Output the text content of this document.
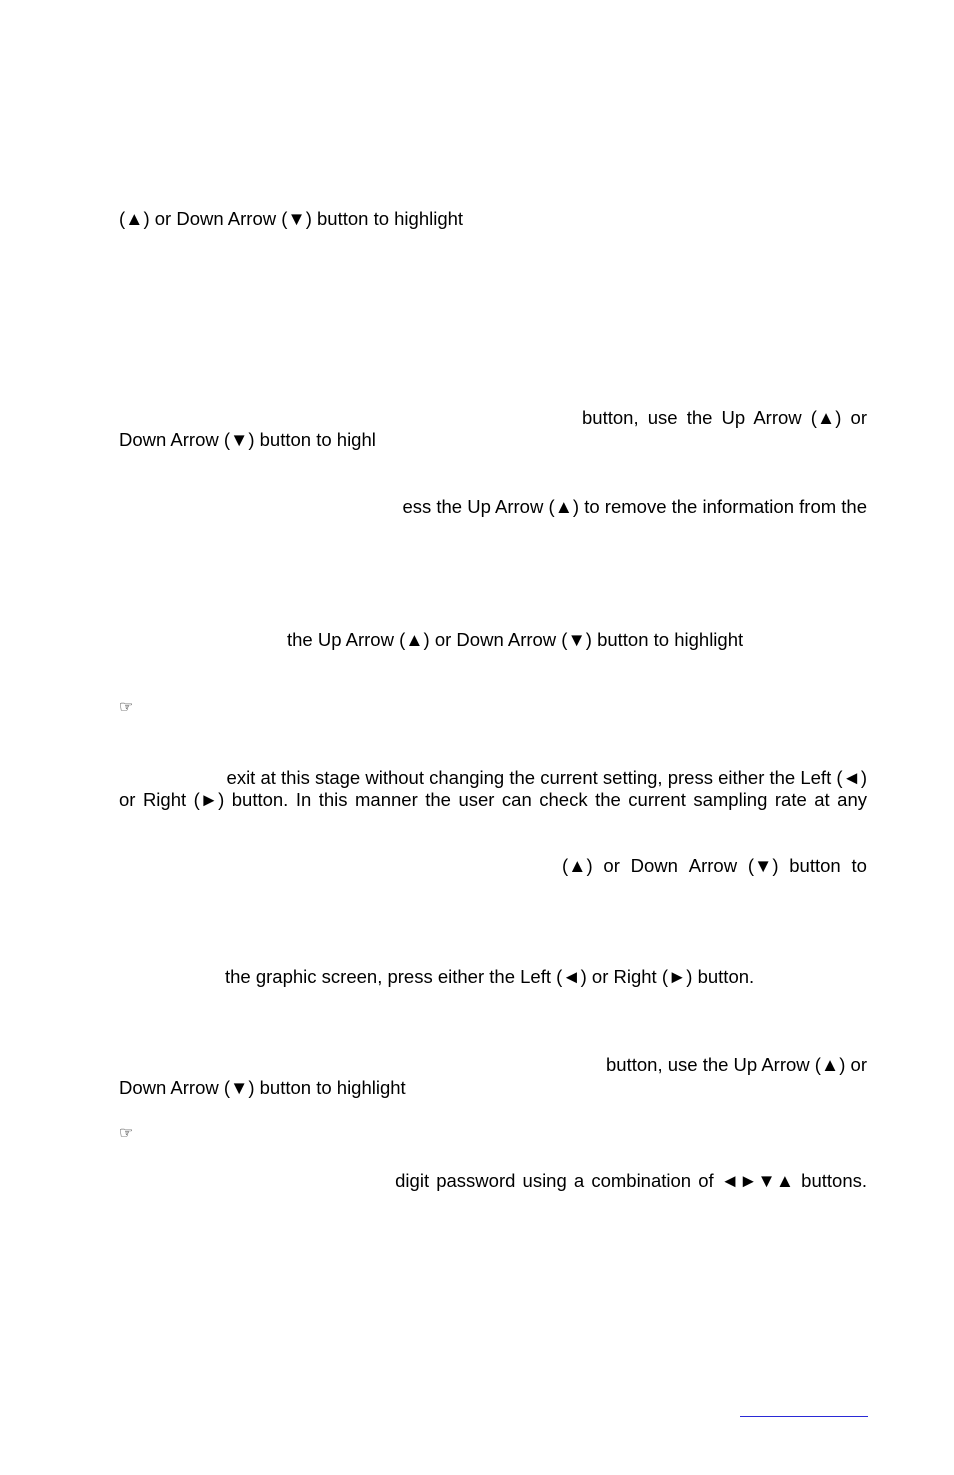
(▲) or Down Arrow (▼) button to highlight

button, use the Up Arrow (▲) or

Down Arrow (▼) button to highl

ess the Up Arrow (▲) to remove the information from the

the Up Arrow (▲) or Down Arrow (▼) button to highlight

☞

exit at this stage without changing the current setting, press either the Left (◄)

or Right (►) button. In this manner the user can check the current sampling rate at any

(▲) or Down Arrow (▼) button to

the graphic screen, press either the Left (◄) or Right (►) button.

button, use the Up Arrow (▲) or

Down Arrow (▼) button to highlight

☞

digit password using a combination of ◄►▼▲ buttons.
